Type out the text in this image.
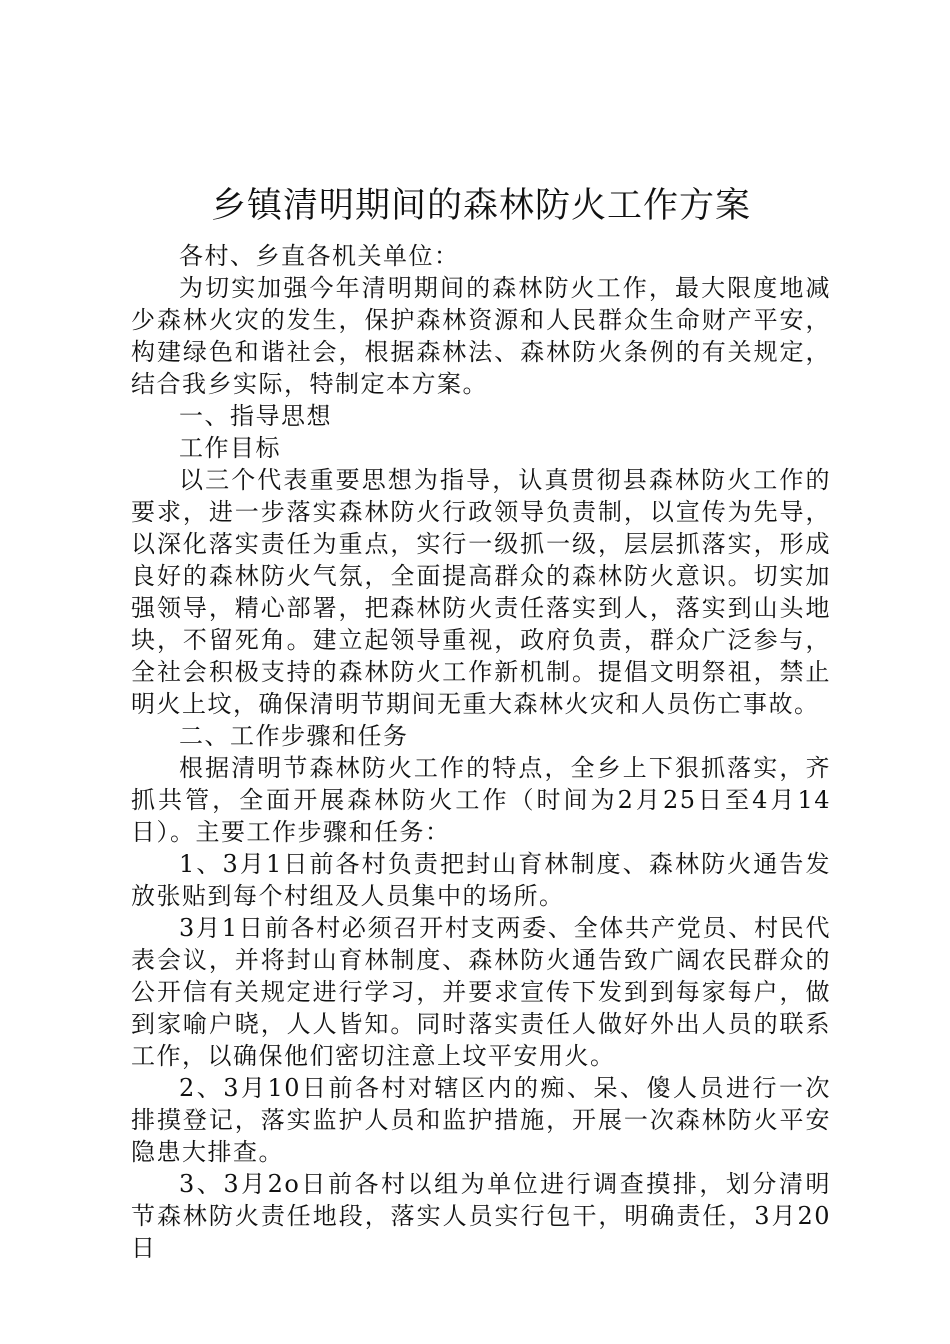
乡镇清明期间的森林防火工作方案

各村、乡直各机关单位：

为切实加强今年清明期间的森林防火工作，最大限度地减少森林火灾的发生，保护森林资源和人民群众生命财产平安，构建绿色和谐社会，根据森林法、森林防火条例的有关规定，结合我乡实际，特制定本方案。

一、指导思想

工作目标

以三个代表重要思想为指导，认真贯彻县森林防火工作的要求，进一步落实森林防火行政领导负责制，以宣传为先导，以深化落实责任为重点，实行一级抓一级，层层抓落实，形成良好的森林防火气氛，全面提高群众的森林防火意识。切实加强领导，精心部署，把森林防火责任落实到人，落实到山头地块，不留死角。建立起领导重视，政府负责，群众广泛参与，全社会积极支持的森林防火工作新机制。提倡文明祭祖，禁止明火上坟，确保清明节期间无重大森林火灾和人员伤亡事故。

二、工作步骤和任务

根据清明节森林防火工作的特点，全乡上下狠抓落实，齐抓共管，全面开展森林防火工作（时间为2月25日至4月14日）。主要工作步骤和任务：

1、3月1日前各村负责把封山育林制度、森林防火通告发放张贴到每个村组及人员集中的场所。

3月1日前各村必须召开村支两委、全体共产党员、村民代表会议，并将封山育林制度、森林防火通告致广阔农民群众的公开信有关规定进行学习，并要求宣传下发到到每家每户，做到家喻户晓，人人皆知。同时落实责任人做好外出人员的联系工作，以确保他们密切注意上坟平安用火。

2、3月10日前各村对辖区内的痴、呆、傻人员进行一次排摸登记，落实监护人员和监护措施，开展一次森林防火平安隐患大排查。

3、3月2o日前各村以组为单位进行调查摸排，划分清明节森林防火责任地段，落实人员实行包干，明确责任，3月20日
